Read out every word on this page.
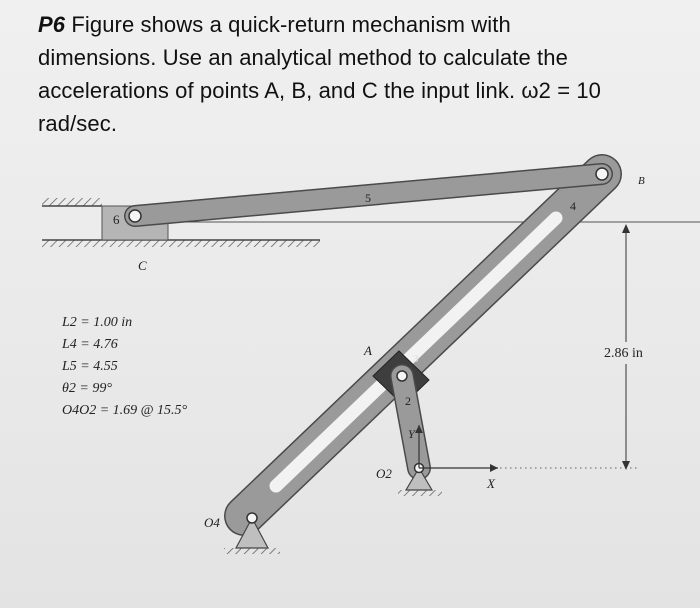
P6 Figure shows a quick-return mechanism with
dimensions. Use an analytical method to calculate the
accelerations of points A, B, and C the input link. ω2 = 10
rad/sec.
2.86 in
6
5
4
3
2
B
A
C
O4
O2
X
Y
L2 = 1.00 in
L4 = 4.76
L5 = 4.55
θ2 = 99°
O4O2 = 1.69 @ 15.5°
